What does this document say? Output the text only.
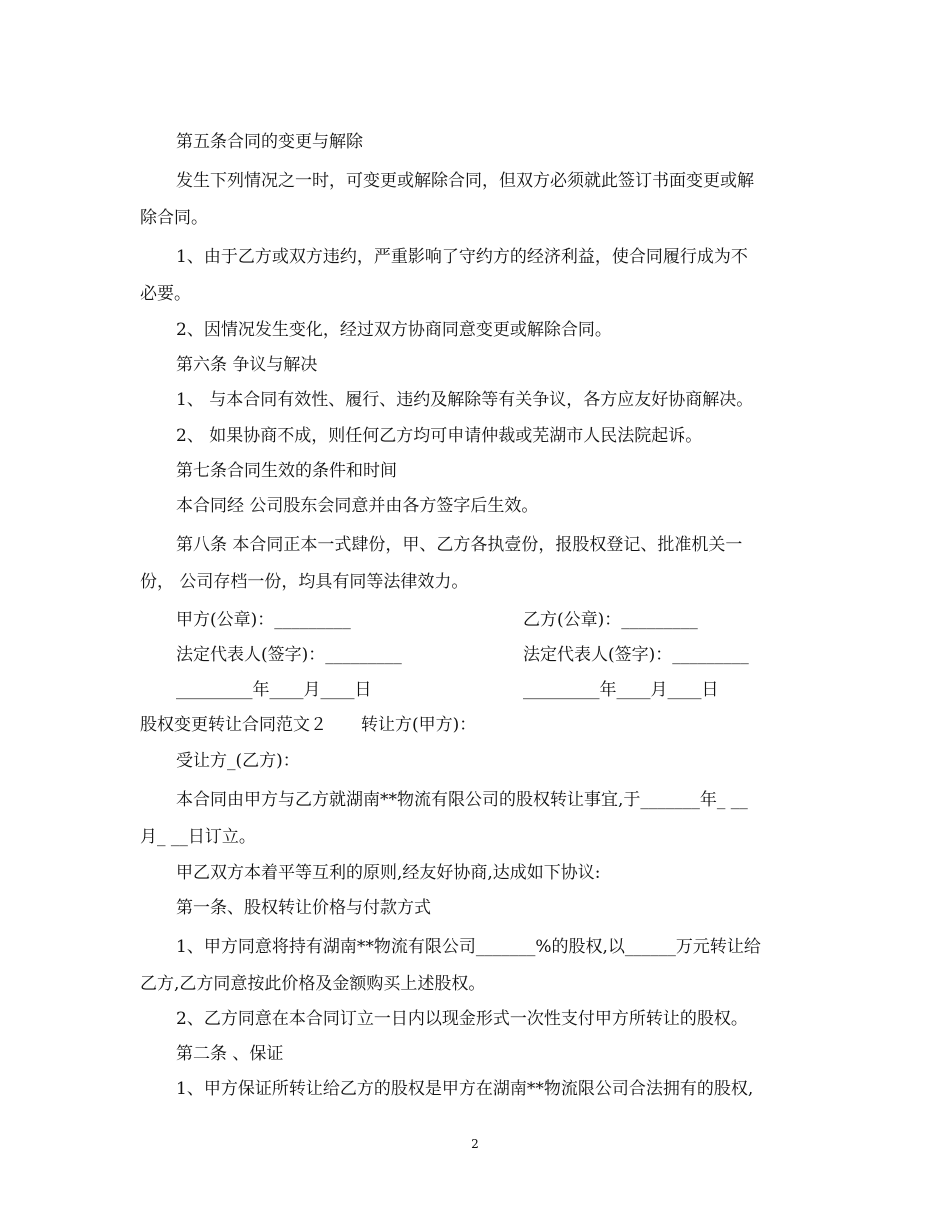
第五条合同的变更与解除
发生下列情况之一时，可变更或解除合同，但双方必须就此签订书面变更或解
除合同。
1、由于乙方或双方违约，严重影响了守约方的经济利益，使合同履行成为不
必要。
2、因情况发生变化，经过双方协商同意变更或解除合同。
第六条 争议与解决
1、 与本合同有效性、履行、违约及解除等有关争议，各方应友好协商解决。
2、 如果协商不成，则任何乙方均可申请仲裁或芜湖市人民法院起诉。
第七条合同生效的条件和时间
本合同经 公司股东会同意并由各方签字后生效。
第八条 本合同正本一式肆份，甲、乙方各执壹份，报股权登记、批准机关一
份， 公司存档一份，均具有同等法律效力。
甲方(公章)：_________	乙方(公章)：_________
法定代表人(签字)：_________	法定代表人(签字)：_________
_________年____月____日	_________年____月____日
股权变更转让合同范文２　　转让方(甲方)：
受让方_(乙方)：
本合同由甲方与乙方就湖南**物流有限公司的股权转让事宜,于_______年_ __
月_ __日订立。
甲乙双方本着平等互利的原则,经友好协商,达成如下协议:
第一条、股权转让价格与付款方式
1、甲方同意将持有湖南**物流有限公司_______%的股权,以______万元转让给
乙方,乙方同意按此价格及金额购买上述股权。
2、乙方同意在本合同订立一日内以现金形式一次性支付甲方所转让的股权。
第二条 、保证
1、甲方保证所转让给乙方的股权是甲方在湖南**物流限公司合法拥有的股权,
2
